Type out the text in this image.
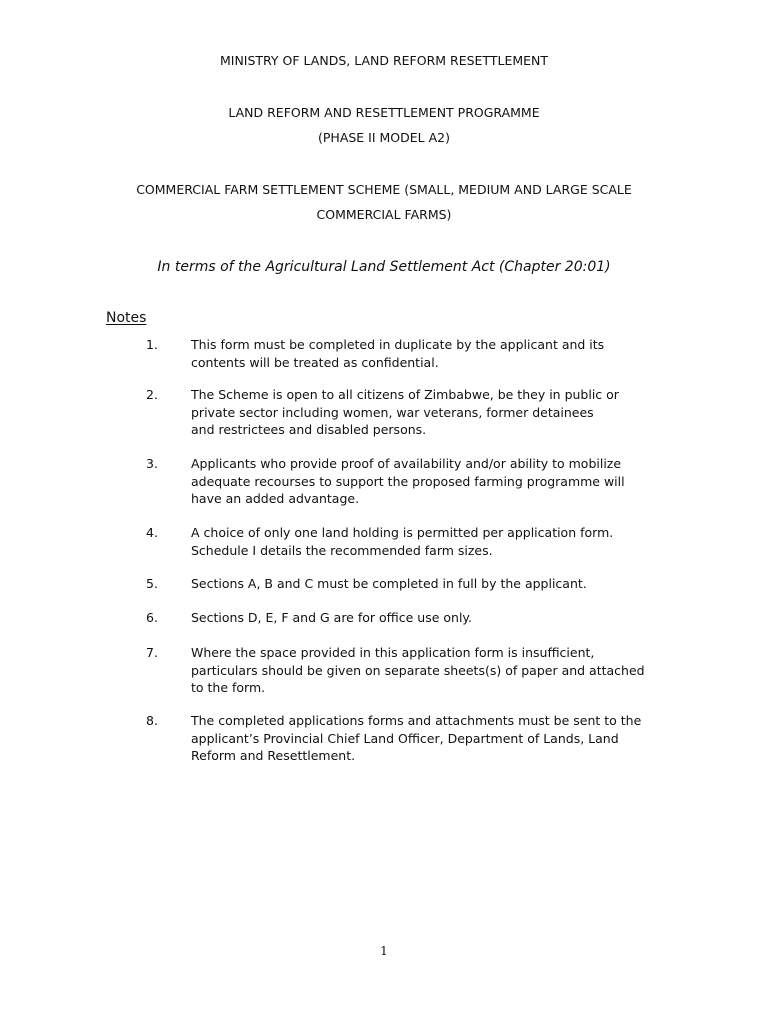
MINISTRY OF LANDS, LAND REFORM RESETTLEMENT
LAND REFORM AND RESETTLEMENT PROGRAMME
(PHASE II MODEL A2)
COMMERCIAL FARM SETTLEMENT SCHEME (SMALL, MEDIUM AND LARGE SCALE
COMMERCIAL FARMS)
In terms of the Agricultural Land Settlement Act (Chapter 20:01)
Notes
1.	This form must be completed in duplicate by the applicant and its
contents will be treated as confidential.
2.	The Scheme is open to all citizens of Zimbabwe, be they in public or
private sector including women, war veterans, former detainees
and restrictees and disabled persons.
3.	Applicants who provide proof of availability and/or ability to mobilize
adequate recourses to support the proposed farming programme will
have an added advantage.
4.	A choice of only one land holding is permitted per application form.
Schedule I details the recommended farm sizes.
5.	Sections A, B and C must be completed in full by the applicant.
6.	Sections D, E, F and G are for office use only.
7.	Where the space provided in this application form is insufficient,
particulars should be given on separate sheets(s) of paper and attached
to the form.
8.	The completed applications forms and attachments must be sent to the
applicant’s Provincial Chief Land Officer, Department of Lands, Land
Reform and Resettlement.
1
